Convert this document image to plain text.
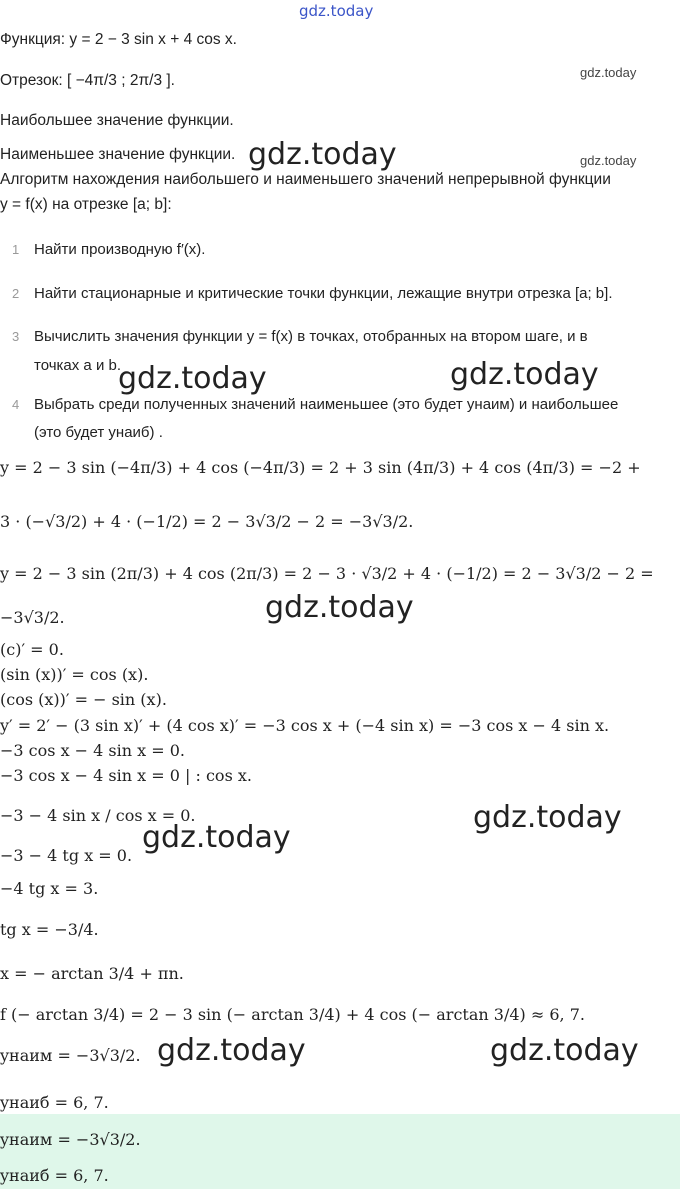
gdz.today
Функция: y = 2 − 3 sin x + 4 cos x.
Отрезок: [ −4π/3 ; 2π/3 ].	gdz.today
Наибольшее значение функции.
Наименьшее значение функции. gdz.today	gdz.today
Алгоритм нахождения наибольшего и наименьшего значений непрерывной функции
y = f(x) на отрезке [a; b]:
1 Найти производную f′(x).
2 Найти стационарные и критические точки функции, лежащие внутри отрезка [a; b].
3 Вычислить значения функции y = f(x) в точках, отобранных на втором шаге, и в
точках a и b.
gdz.today	gdz.today
4 Выбрать среди полученных значений наименьшее (это будет yнаим) и наибольшее
(это будет yнаиб) .
y = 2 − 3 sin (−4π/3) + 4 cos (−4π/3) = 2 + 3 sin (4π/3) + 4 cos (4π/3) = −2 +
3 · (−√3/2) + 4 · (−1/2) = 2 − 3√3/2 − 2 = −3√3/2.
y = 2 − 3 sin (2π/3) + 4 cos (2π/3) = 2 − 3 · √3/2 + 4 · (−1/2) = 2 − 3√3/2 − 2 =
−3√3/2.	gdz.today
(c)′ = 0.
(sin (x))′ = cos (x).
(cos (x))′ = − sin (x).
y′ = 2′ − (3 sin x)′ + (4 cos x)′ = −3 cos x + (−4 sin x) = −3 cos x − 4 sin x.
−3 cos x − 4 sin x = 0.
−3 cos x − 4 sin x = 0 | : cos x.
−3 − 4 sin x / cos x = 0.	gdz.today
gdz.today
−3 − 4 tg x = 0.
−4 tg x = 3.
tg x = −3/4.
x = − arctan 3/4 + πn.
f (− arctan 3/4) = 2 − 3 sin (− arctan 3/4) + 4 cos (− arctan 3/4) ≈ 6, 7.
yнаим = −3√3/2. gdz.today	gdz.today
yнаиб = 6, 7.
yнаим = −3√3/2.
yнаиб = 6, 7.
